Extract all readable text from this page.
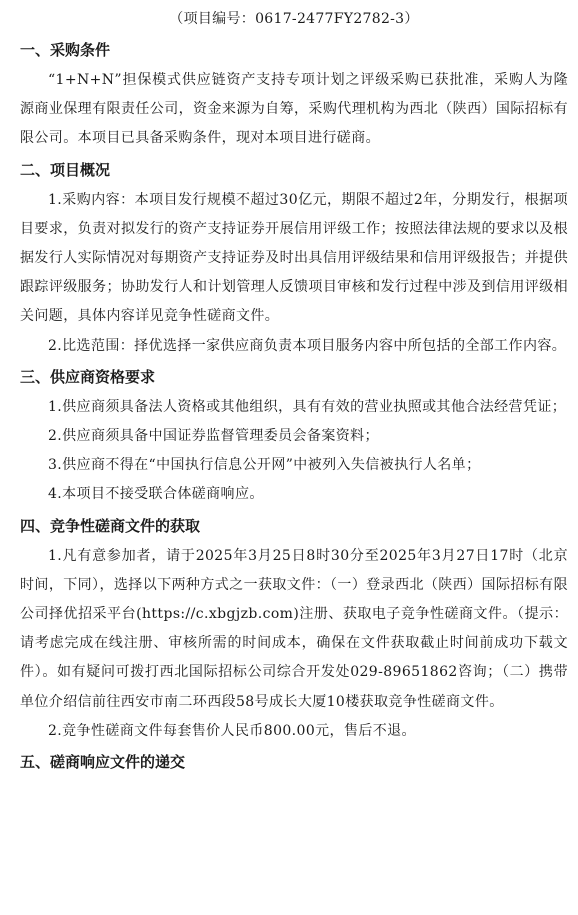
（项目编号：0617-2477FY2782-3）
一、采购条件

“1+N+N”担保模式供应链资产支持专项计划之评级采购已获批准，采购人为隆源商业保理有限责任公司，资金来源为自筹，采购代理机构为西北（陕西）国际招标有限公司。本项目已具备采购条件，现对本项目进行磋商。

二、项目概况

1.采购内容：本项目发行规模不超过30亿元，期限不超过2年，分期发行，根据项目要求，负责对拟发行的资产支持证券开展信用评级工作；按照法律法规的要求以及根据发行人实际情况对每期资产支持证券及时出具信用评级结果和信用评级报告；并提供跟踪评级服务；协助发行人和计划管理人反馈项目审核和发行过程中涉及到信用评级相关问题，具体内容详见竞争性磋商文件。

2.比选范围：择优选择一家供应商负责本项目服务内容中所包括的全部工作内容。

三、供应商资格要求

1.供应商须具备法人资格或其他组织，具有有效的营业执照或其他合法经营凭证；

2.供应商须具备中国证券监督管理委员会备案资料；

3.供应商不得在“中国执行信息公开网”中被列入失信被执行人名单；

4.本项目不接受联合体磋商响应。

四、竞争性磋商文件的获取

1.凡有意参加者，请于2025年3月25日8时30分至2025年3月27日17时（北京时间，下同），选择以下两种方式之一获取文件：（一）登录西北（陕西）国际招标有限公司择优招采平台(https://c.xbgjzb.com)注册、获取电子竞争性磋商文件。（提示：请考虑完成在线注册、审核所需的时间成本，确保在文件获取截止时间前成功下载文件）。如有疑问可拨打西北国际招标公司综合开发处029-89651862咨询；（二）携带单位介绍信前往西安市南二环西段58号成长大厦10楼获取竞争性磋商文件。

2.竞争性磋商文件每套售价人民币800.00元，售后不退。

五、磋商响应文件的递交
